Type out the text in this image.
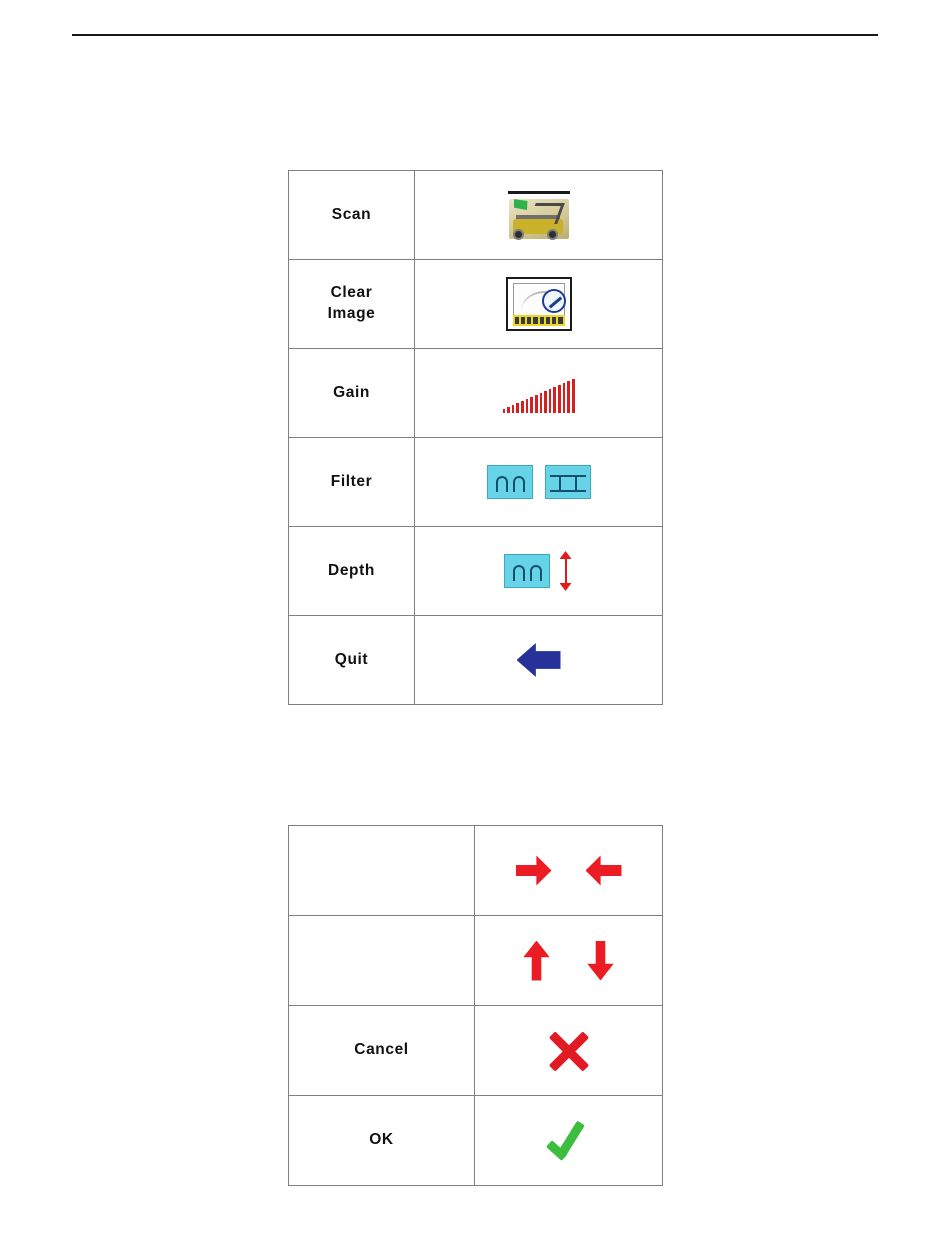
Scan	

Clear
Image	

Gain	

Filter	

Depth	

Quit	

Cancel	

OK	
